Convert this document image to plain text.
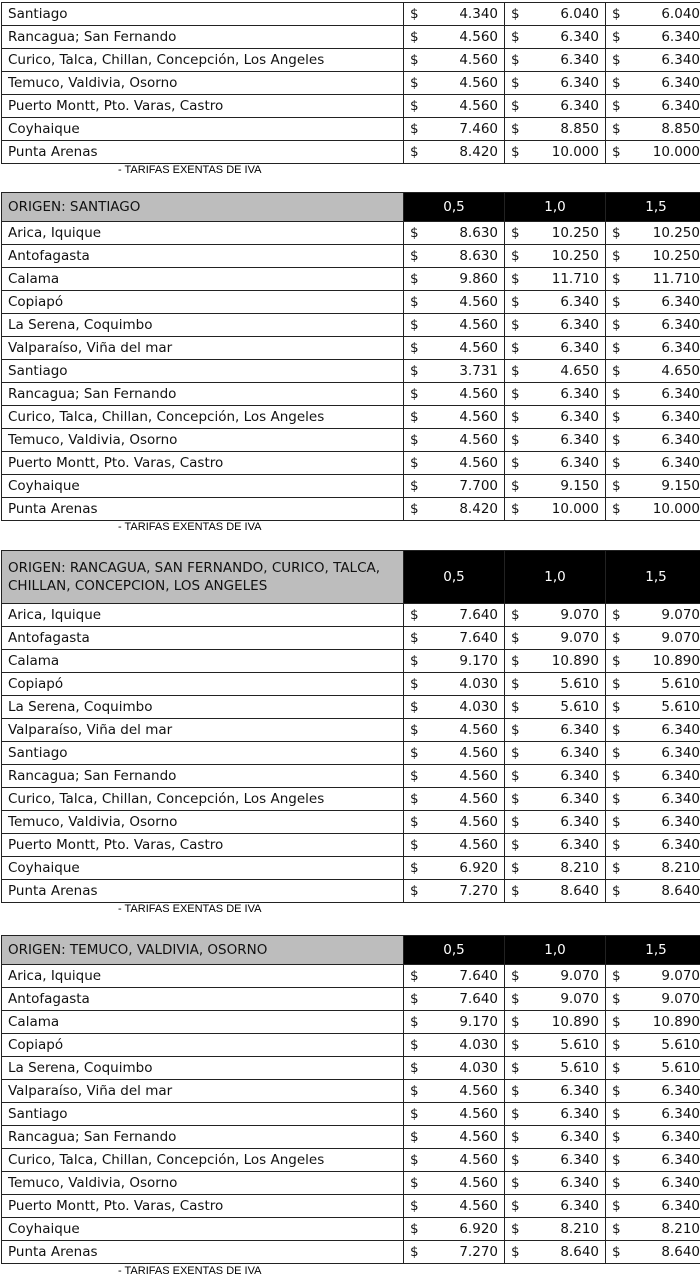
Santiago	$ 4.340	$ 6.040	$ 6.040

Rancagua; San Fernando	$ 4.560	$ 6.340	$ 6.340

Curico, Talca, Chillan, Concepción, Los Angeles	$ 4.560	$ 6.340	$ 6.340

Temuco, Valdivia, Osorno	$ 4.560	$ 6.340	$ 6.340

Puerto Montt, Pto. Varas, Castro	$ 4.560	$ 6.340	$ 6.340

Coyhaique	$ 7.460	$ 8.850	$ 8.850

Punta Arenas	$ 8.420	$ 10.000	$ 10.000
- TARIFAS EXENTAS DE IVA
ORIGEN: SANTIAGO	0,5	1,0	1,5
Arica, Iquique	$ 8.630	$ 10.250	$ 10.250

Antofagasta	$ 8.630	$ 10.250	$ 10.250

Calama	$ 9.860	$ 11.710	$ 11.710

Copiapó	$ 4.560	$ 6.340	$ 6.340

La Serena, Coquimbo	$ 4.560	$ 6.340	$ 6.340

Valparaíso, Viña del mar	$ 4.560	$ 6.340	$ 6.340

Santiago	$ 3.731	$ 4.650	$ 4.650

Rancagua; San Fernando	$ 4.560	$ 6.340	$ 6.340

Curico, Talca, Chillan, Concepción, Los Angeles	$ 4.560	$ 6.340	$ 6.340

Temuco, Valdivia, Osorno	$ 4.560	$ 6.340	$ 6.340

Puerto Montt, Pto. Varas, Castro	$ 4.560	$ 6.340	$ 6.340

Coyhaique	$ 7.700	$ 9.150	$ 9.150

Punta Arenas	$ 8.420	$ 10.000	$ 10.000
- TARIFAS EXENTAS DE IVA
ORIGEN: RANCAGUA, SAN FERNANDO, CURICO, TALCA, CHILLAN, CONCEPCION, LOS ANGELES	0,5	1,0	1,5
Arica, Iquique	$ 7.640	$ 9.070	$ 9.070

Antofagasta	$ 7.640	$ 9.070	$ 9.070

Calama	$ 9.170	$ 10.890	$ 10.890

Copiapó	$ 4.030	$ 5.610	$ 5.610

La Serena, Coquimbo	$ 4.030	$ 5.610	$ 5.610

Valparaíso, Viña del mar	$ 4.560	$ 6.340	$ 6.340

Santiago	$ 4.560	$ 6.340	$ 6.340

Rancagua; San Fernando	$ 4.560	$ 6.340	$ 6.340

Curico, Talca, Chillan, Concepción, Los Angeles	$ 4.560	$ 6.340	$ 6.340

Temuco, Valdivia, Osorno	$ 4.560	$ 6.340	$ 6.340

Puerto Montt, Pto. Varas, Castro	$ 4.560	$ 6.340	$ 6.340

Coyhaique	$ 6.920	$ 8.210	$ 8.210

Punta Arenas	$ 7.270	$ 8.640	$ 8.640
- TARIFAS EXENTAS DE IVA
ORIGEN: TEMUCO, VALDIVIA, OSORNO	0,5	1,0	1,5
Arica, Iquique	$ 7.640	$ 9.070	$ 9.070

Antofagasta	$ 7.640	$ 9.070	$ 9.070

Calama	$ 9.170	$ 10.890	$ 10.890

Copiapó	$ 4.030	$ 5.610	$ 5.610

La Serena, Coquimbo	$ 4.030	$ 5.610	$ 5.610

Valparaíso, Viña del mar	$ 4.560	$ 6.340	$ 6.340

Santiago	$ 4.560	$ 6.340	$ 6.340

Rancagua; San Fernando	$ 4.560	$ 6.340	$ 6.340

Curico, Talca, Chillan, Concepción, Los Angeles	$ 4.560	$ 6.340	$ 6.340

Temuco, Valdivia, Osorno	$ 4.560	$ 6.340	$ 6.340

Puerto Montt, Pto. Varas, Castro	$ 4.560	$ 6.340	$ 6.340

Coyhaique	$ 6.920	$ 8.210	$ 8.210

Punta Arenas	$ 7.270	$ 8.640	$ 8.640
- TARIFAS EXENTAS DE IVA
